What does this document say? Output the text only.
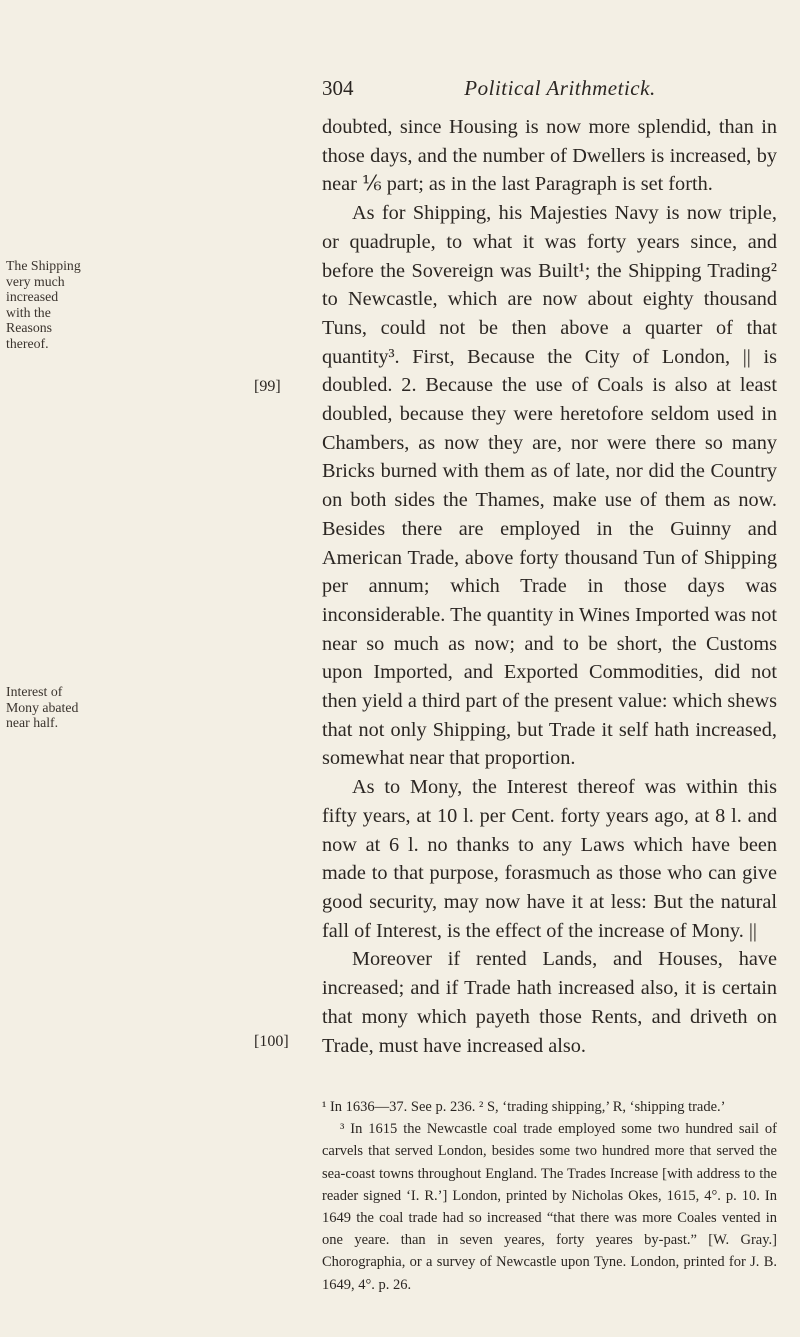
304	Political Arithmetick.
The Shipping very much increased with the Reasons thereof.
Interest of Mony abated near half.
[99]
[100]

doubted, since Housing is now more splendid, than in those days, and the number of Dwellers is increased, by near ⅙ part; as in the last Paragraph is set forth.

As for Shipping, his Majesties Navy is now triple, or quadruple, to what it was forty years since, and before the Sovereign was Built¹; the Shipping Trading² to Newcastle, which are now about eighty thousand Tuns, could not be then above a quarter of that quantity³. First, Because the City of London, || is doubled. 2. Because the use of Coals is also at least doubled, because they were heretofore seldom used in Chambers, as now they are, nor were there so many Bricks burned with them as of late, nor did the Country on both sides the Thames, make use of them as now. Besides there are employed in the Guinny and American Trade, above forty thousand Tun of Shipping per annum; which Trade in those days was inconsiderable. The quantity in Wines Imported was not near so much as now; and to be short, the Customs upon Imported, and Exported Commodities, did not then yield a third part of the present value: which shews that not only Shipping, but Trade it self hath increased, somewhat near that proportion.

As to Mony, the Interest thereof was within this fifty years, at 10 l. per Cent. forty years ago, at 8 l. and now at 6 l. no thanks to any Laws which have been made to that purpose, forasmuch as those who can give good security, may now have it at less: But the natural fall of Interest, is the effect of the increase of Mony. ||

Moreover if rented Lands, and Houses, have increased; and if Trade hath increased also, it is certain that mony which payeth those Rents, and driveth on Trade, must have increased also.

¹ In 1636—37. See p. 236. ² S, ‘trading shipping,’ R, ‘shipping trade.’

³ In 1615 the Newcastle coal trade employed some two hundred sail of carvels that served London, besides some two hundred more that served the sea-coast towns throughout England. The Trades Increase [with address to the reader signed ‘I. R.’] London, printed by Nicholas Okes, 1615, 4°. p. 10. In 1649 the coal trade had so increased “that there was more Coales vented in one yeare. than in seven yeares, forty yeares by-past.” [W. Gray.] Chorographia, or a survey of Newcastle upon Tyne. London, printed for J. B. 1649, 4°. p. 26.
